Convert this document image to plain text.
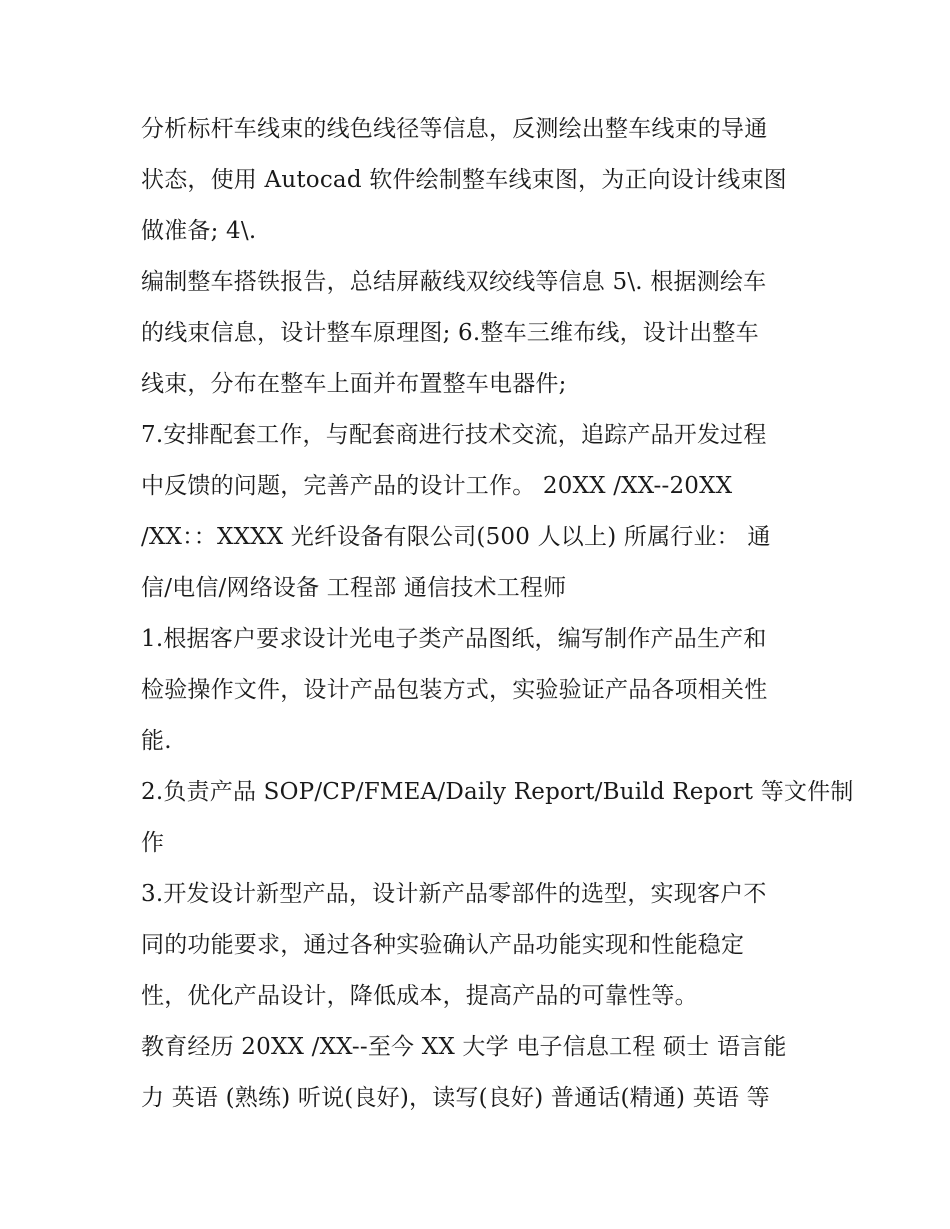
分析标杆车线束的线色线径等信息，反测绘出整车线束的导通
状态，使用 Autocad 软件绘制整车线束图，为正向设计线束图
做准备; 4\.
编制整车搭铁报告，总结屏蔽线双绞线等信息 5\. 根据测绘车
的线束信息，设计整车原理图; 6.整车三维布线，设计出整车
线束，分布在整车上面并布置整车电器件;
7.安排配套工作，与配套商进行技术交流，追踪产品开发过程
中反馈的问题，完善产品的设计工作。 20XX /XX--20XX
/XX：：XXXX 光纤设备有限公司(500 人以上) 所属行业： 通
信/电信/网络设备 工程部 通信技术工程师
1.根据客户要求设计光电子类产品图纸，编写制作产品生产和
检验操作文件，设计产品包装方式，实验验证产品各项相关性
能.
2.负责产品 SOP/CP/FMEA/Daily Report/Build Report 等文件制
作
3.开发设计新型产品，设计新产品零部件的选型，实现客户不
同的功能要求，通过各种实验确认产品功能实现和性能稳定
性，优化产品设计，降低成本，提高产品的可靠性等。
教育经历 20XX /XX--至今 XX 大学 电子信息工程 硕士 语言能
力 英语 (熟练) 听说(良好)，读写(良好) 普通话(精通) 英语 等
